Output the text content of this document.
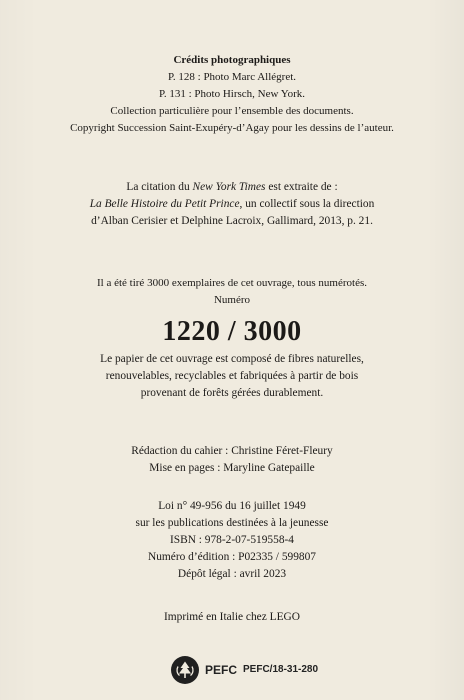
Crédits photographiques
P. 128 : Photo Marc Allégret.
P. 131 : Photo Hirsch, New York.
Collection particulière pour l’ensemble des documents.
Copyright Succession Saint-Exupéry-d’Agay pour les dessins de l’auteur.
La citation du New York Times est extraite de :
La Belle Histoire du Petit Prince, un collectif sous la direction
d’Alban Cerisier et Delphine Lacroix, Gallimard, 2013, p. 21.
Il a été tiré 3000 exemplaires de cet ouvrage, tous numérotés.
Numéro
1220 / 3000
Le papier de cet ouvrage est composé de fibres naturelles,
renouvelables, recyclables et fabriquées à partir de bois
provenant de forêts gérées durablement.
Rédaction du cahier : Christine Féret-Fleury
Mise en pages : Maryline Gatepaille
Loi n° 49-956 du 16 juillet 1949
sur les publications destinées à la jeunesse
ISBN : 978-2-07-519558-4
Numéro d’édition : P02335 / 599807
Dépôt légal : avril 2023
Imprimé en Italie chez LEGO
PEFC PEFC/18-31-280
